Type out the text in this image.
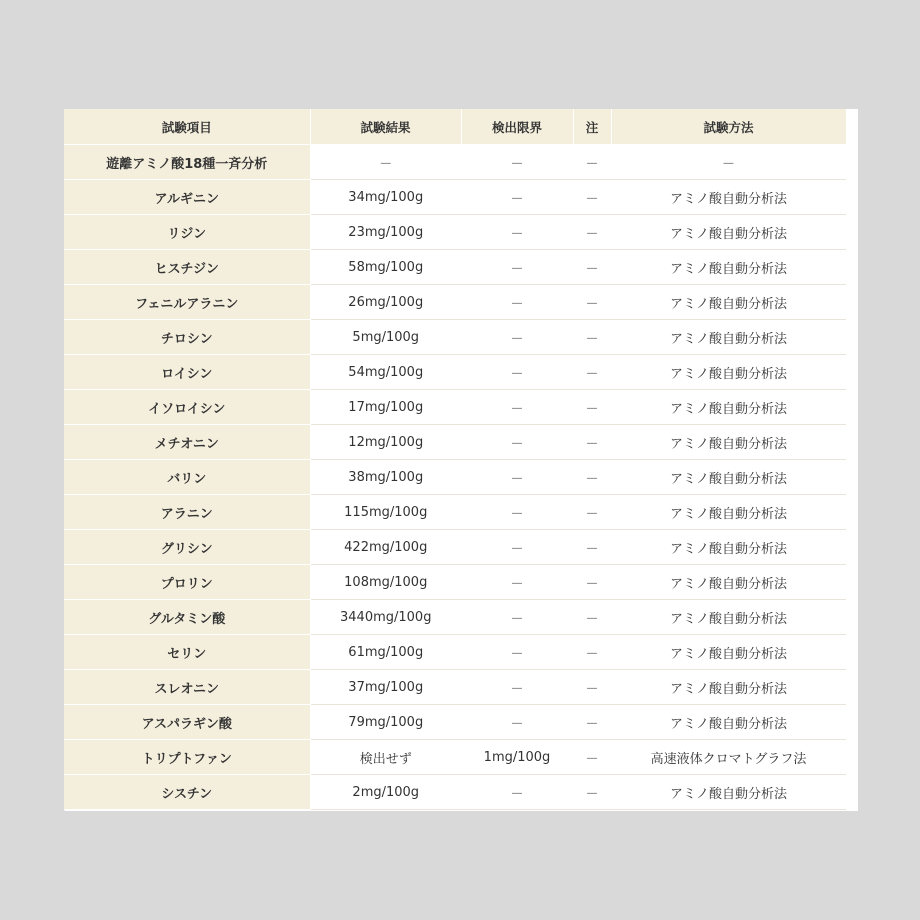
試験項目	試験結果	検出限界	注	試験方法
遊離アミノ酸18種一斉分析	－	－	－	－
アルギニン	34mg/100g	－	－	アミノ酸自動分析法
リジン	23mg/100g	－	－	アミノ酸自動分析法
ヒスチジン	58mg/100g	－	－	アミノ酸自動分析法
フェニルアラニン	26mg/100g	－	－	アミノ酸自動分析法
チロシン	5mg/100g	－	－	アミノ酸自動分析法
ロイシン	54mg/100g	－	－	アミノ酸自動分析法
イソロイシン	17mg/100g	－	－	アミノ酸自動分析法
メチオニン	12mg/100g	－	－	アミノ酸自動分析法
バリン	38mg/100g	－	－	アミノ酸自動分析法
アラニン	115mg/100g	－	－	アミノ酸自動分析法
グリシン	422mg/100g	－	－	アミノ酸自動分析法
プロリン	108mg/100g	－	－	アミノ酸自動分析法
グルタミン酸	3440mg/100g	－	－	アミノ酸自動分析法
セリン	61mg/100g	－	－	アミノ酸自動分析法
スレオニン	37mg/100g	－	－	アミノ酸自動分析法
アスパラギン酸	79mg/100g	－	－	アミノ酸自動分析法
トリプトファン	検出せず	1mg/100g	－	高速液体クロマトグラフ法
シスチン	2mg/100g	－	－	アミノ酸自動分析法
